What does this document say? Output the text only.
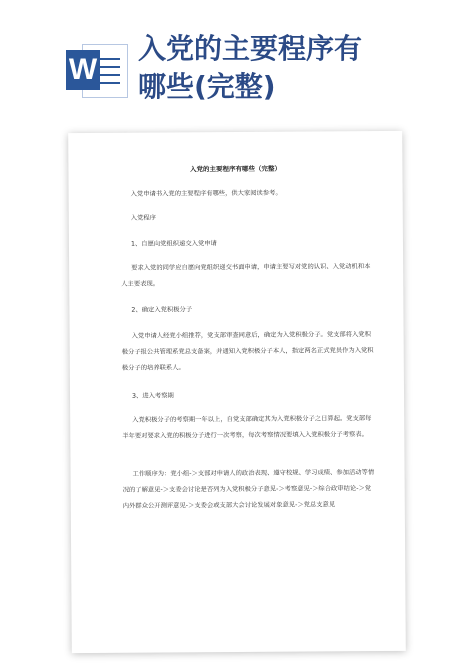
W
入党的主要程序有
哪些(完整)
入党的主要程序有哪些（完整）

入党申请书入党的主要程序有哪些，供大家阅读参考。

入党程序

1、自愿向党组织递交入党申请

要求入党的同学应自愿向党组织递交书面申请，申请主要写对党的认识、入党动机和本人主要表现。

2、确定入党积极分子

入党申请人经党小组推荐，党支部审查同意后，确定为入党积极分子。党支部将入党积极分子报公共管理系党总支备案，并通知入党积极分子本人，指定两名正式党员作为入党积极分子的培养联系人。

3、进入考察期

入党积极分子的考察期一年以上，自党支部确定其为入党积极分子之日算起。党支部每半年要对要求入党的积极分子进行一次考察，每次考察情况要填入入党积极分子考察表。

工作顺序为：党小组-＞支部对申请人的政治表现、遵守校规、学习成绩、参加活动等情况的了解意见-＞支委会讨论是否列为入党积极分子意见-＞考察意见-＞综合政审结论-＞党内外群众公开测评意见-＞支委会或支部大会讨论发展对象意见-＞党总支意见
